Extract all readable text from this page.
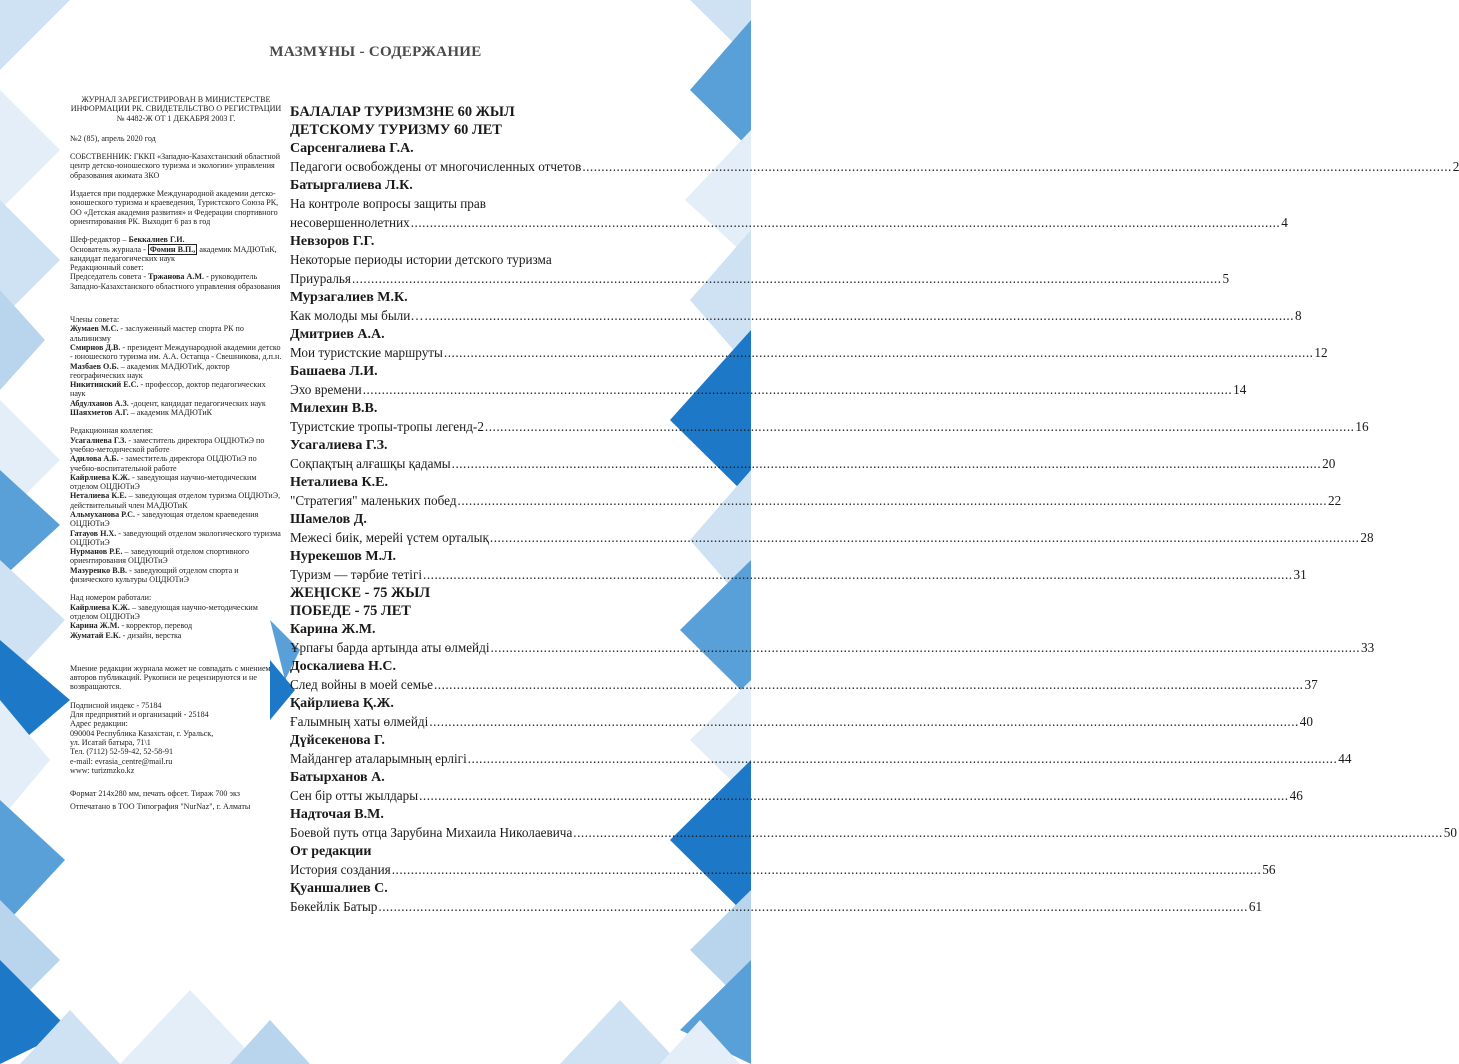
МАЗМҰНЫ - СОДЕРЖАНИЕ

ЖУРНАЛ ЗАРЕГИСТРИРОВАН В МИНИСТЕРСТВЕ ИНФОРМАЦИИ РК. СВИДЕТЕЛЬСТВО О РЕГИСТРАЦИИ № 4482-Ж ОТ 1 ДЕКАБРЯ 2003 Г.

№2 (85), апрель 2020 год

СОБСТВЕННИК: ГККП «Западно-Казахстанский областной центр детско-юношеского туризма и экологии» управления образования акимата ЗКО

Издается при поддержке Международной академии детско-юношеского туризма и краеведения, Туристского Союза РК, ОО «Детская академия развития» и Федерации спортивного ориентирования РК. Выходит 6 раз в год

Шеф-редактор – Беккалиев Г.И.

Основатель журнала - Фомин В.П., академик МАДЮТиК, кандидат педагогических наук

Редакционный совет:

Председатель совета - Тржанова А.М. - руководитель Западно-Казахстанского областного управления образования

Члены совета:

Жумаев М.С. - заслуженный мастер спорта РК по альпинизму

Смирнов Д.В. - президент Международной академии детско - юношеского туризма им. А.А. Остапца - Свешникова, д.п.н.

Мазбаев О.Б. – академик МАДЮТиК, доктор географических наук

Никитинский Е.С. - профессор, доктор педагогических наук

Абдулханов А.З. -доцент, кандидат педагогических наук

Шаяхметов А.Г. – академик МАДЮТиК

Редакционная коллегия:

Усагалиева Г.З. - заместитель директора ОЦДЮТиЭ по учебно-методической работе

Адилова А.Б. - заместитель директора ОЦДЮТиЭ по учебно-воспитательной работе

Кайрлиева К.Ж. - заведующая научно-методическим отделом ОЦДЮТиЭ

Неталиева К.Е. – заведующая отделом туризма ОЦДЮТиЭ, действительный член МАДЮТиК

Альмуханова Р.С. - заведующая отделом краеведения ОЦДЮТиЭ

Гатауов Н.Х. - заведующий отделом экологического туризма ОЦДЮТиЭ

Нурманов Р.Е. – заведующий отделом спортивного ориентирования ОЦДЮТиЭ

Мазуренко В.В. - заведующий отделом спорта и физического культуры ОЦДЮТиЭ

Над номером работали:

Кайрлиева К.Ж. – заведующая научно-методическим отделом ОЦДЮТиЭ

Карина Ж.М. - корректор, перевод

Жуматай Е.К. - дизайн, верстка

Мнение редакции журнала может не совпадать с мнением авторов публикаций. Рукописи не рецензируются и не возвращаются.

Подписной индекс - 75184

Для предприятий и организаций - 25184

Адрес редакции:

090004 Республика Казахстан, г. Уральск,

ул. Исатай батыра, 71\1

Тел. (7112) 52-59-42, 52-58-91

e-mail: evrasia_centre@mail.ru

www: turizmzko.kz

Формат 214х280 мм, печать офсет. Тираж 700 экз

Отпечатано в ТОО Типография "NurNaz", г. Алматы

БАЛАЛАР ТУРИЗМЗНЕ 60 ЖЫЛ
ДЕТСКОМУ ТУРИЗМУ 60 ЛЕТ
Сарсенгалиева Г.А.
Педагоги освобождены от многочисленных отчетов .....	2
Батыргалиева Л.К.
На контроле вопросы защиты прав
несовершеннолетних .....	4
Невзоров Г.Г.
Некоторые периоды истории детского туризма
Приуралья .....	5
Мурзагалиев М.К.
Как молоды мы были… .....	8
Дмитриев А.А.
Мои туристские маршруты .....	12
Башаева Л.И.
Эхо времени .....	14
Милехин В.В.
Туристские тропы-тропы легенд-2 .....	16
Усагалиева Г.З.
Соқпақтың алғашқы қадамы .....	20
Неталиева К.Е.
"Стратегия" маленьких побед .....	22
Шамелов Д.
Межесі биік, мерейі үстем орталық .....	28
Нурекешов М.Л.
Туризм — тәрбие тетігі .....	31
ЖЕҢІСКЕ - 75 ЖЫЛ
ПОБЕДЕ - 75 ЛЕТ
Карина Ж.М.
Ұрпағы барда артында аты өлмейді .....	33
Доскалиева Н.С.
След войны в моей семье .....	37
Қайрлиева Қ.Ж.
Ғалымның хаты өлмейді .....	40
Дүйсекенова Г.
Майдангер аталарымның ерлігі .....	44
Батырханов А.
Сен бір отты жылдары .....	46
Надточая В.М.
Боевой путь отца Зарубина Михаила Николаевича .....	50
От редакции
История создания .....	56
Қуаншалиев С.
Бөкейлік Батыр .....	61
